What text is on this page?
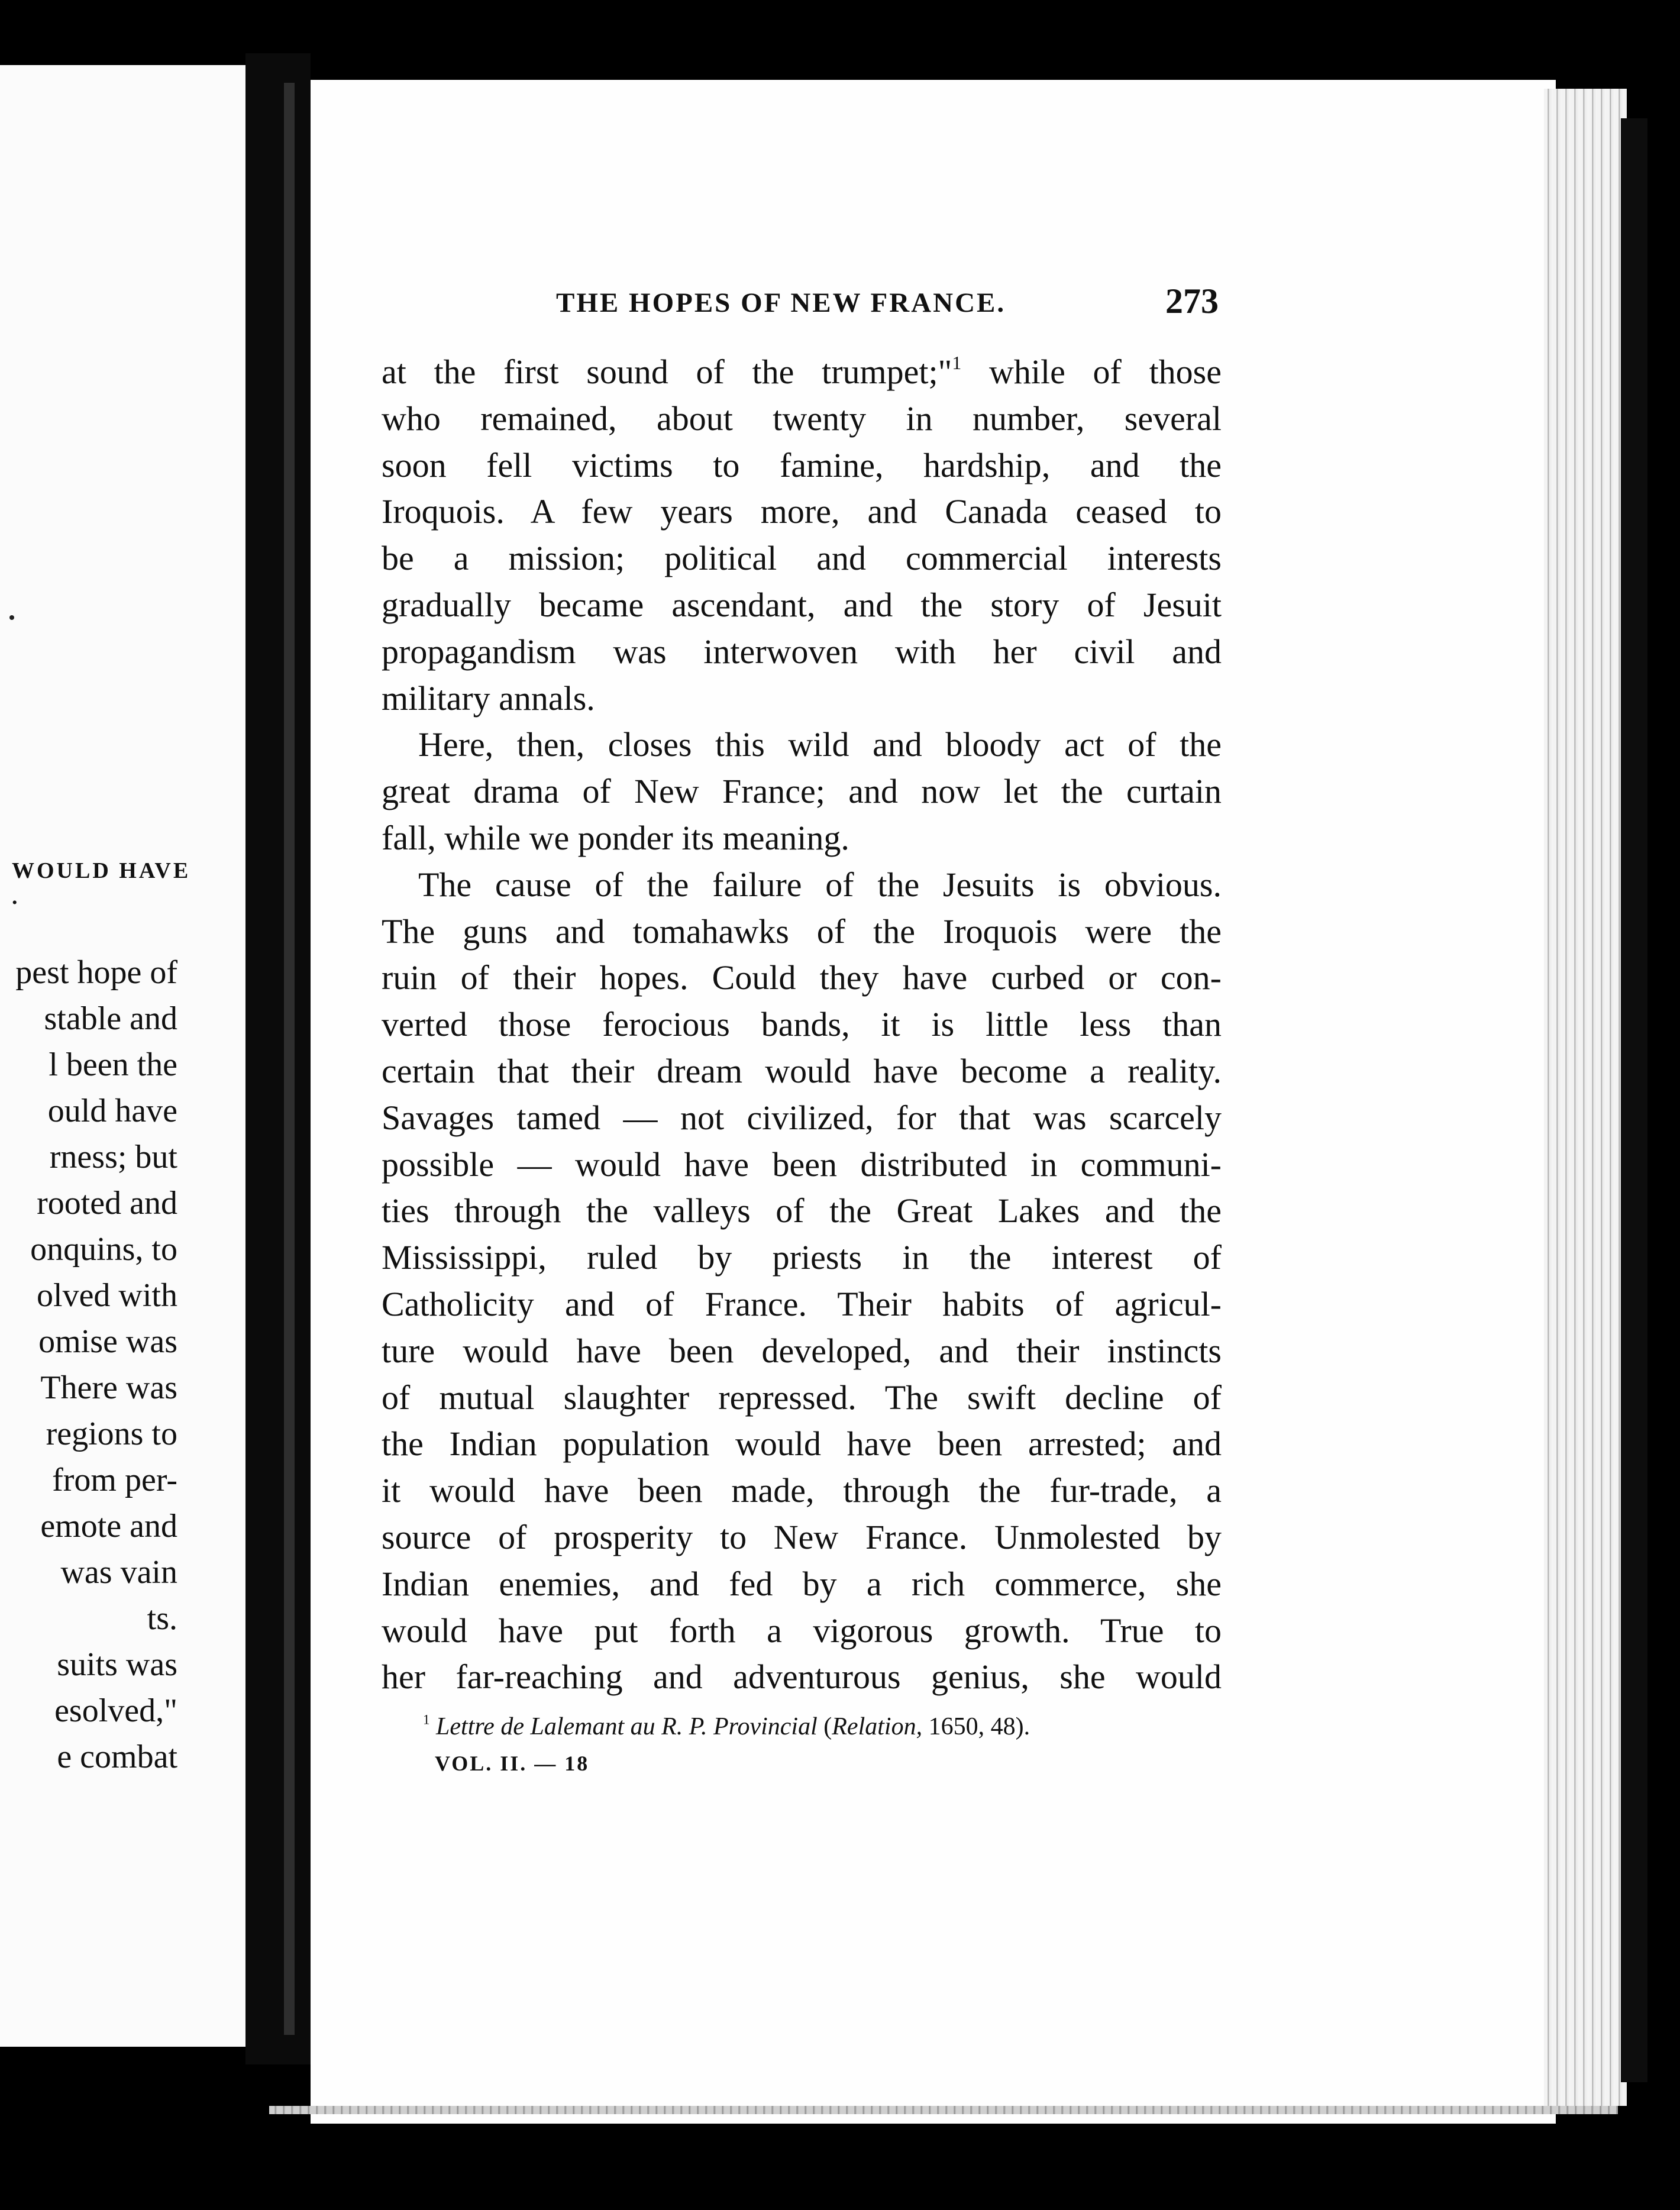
WOULD HAVE
.
pest hope of
stable and
l been the
ould have
rness; but
rooted and
onquins, to
olved with
omise was
There was
regions to
from per-
emote and
was vain
ts.
suits was
esolved,"
e combat
THE HOPES OF NEW FRANCE.	273
at the first sound of the trumpet;"$^1$ while of those
who remained, about twenty in number, several
soon fell victims to famine, hardship, and the
Iroquois. A few years more, and Canada ceased to
be a mission; political and commercial interests
gradually became ascendant, and the story of Jesuit
propagandism was interwoven with her civil and
military annals.
Here, then, closes this wild and bloody act of the
great drama of New France; and now let the curtain
fall, while we ponder its meaning.
The cause of the failure of the Jesuits is obvious.
The guns and tomahawks of the Iroquois were the
ruin of their hopes. Could they have curbed or con-
verted those ferocious bands, it is little less than
certain that their dream would have become a reality.
Savages tamed — not civilized, for that was scarcely
possible — would have been distributed in communi-
ties through the valleys of the Great Lakes and the
Mississippi, ruled by priests in the interest of
Catholicity and of France. Their habits of agricul-
ture would have been developed, and their instincts
of mutual slaughter repressed. The swift decline of
the Indian population would have been arrested; and
it would have been made, through the fur-trade, a
source of prosperity to New France. Unmolested by
Indian enemies, and fed by a rich commerce, she
would have put forth a vigorous growth. True to
her far-reaching and adventurous genius, she would
$^1$ Lettre de Lalemant au R. P. Provincial (Relation, 1650, 48).
VOL. II. — 18
